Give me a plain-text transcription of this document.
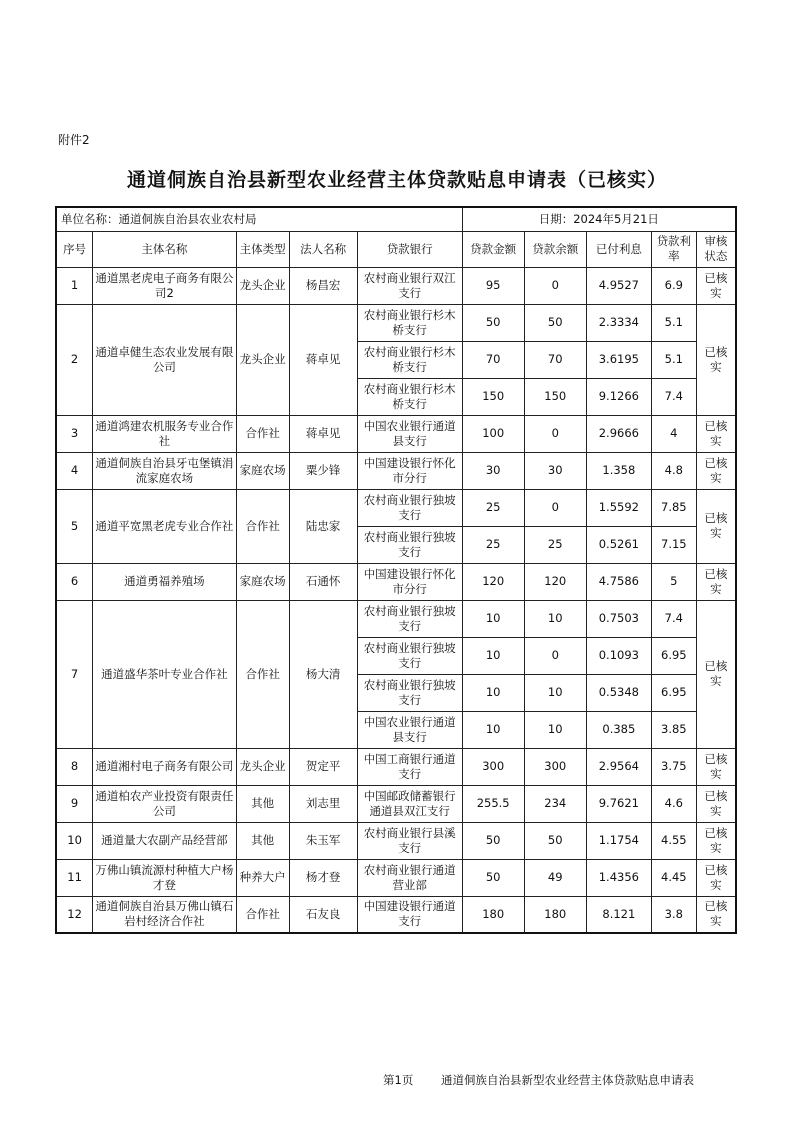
附件2
通道侗族自治县新型农业经营主体贷款贴息申请表（已核实）
单位名称：通道侗族自治县农业农村局					日期：2024年5月21日				
序号	主体名称	主体类型	法人名称	贷款银行	贷款金额	贷款余额	已付利息	贷款利率	审核状态
1	通道黑老虎电子商务有限公司2	龙头企业	杨昌宏	农村商业银行双江支行	95	0	4.9527	6.9	已核实
2	通道卓健生态农业发展有限公司	龙头企业	蒋卓见	农村商业银行杉木桥支行	50	50	2.3334	5.1	已核实
				农村商业银行杉木桥支行	70	70	3.6195	5.1	
				农村商业银行杉木桥支行	150	150	9.1266	7.4	
3	通道鸿建农机服务专业合作社	合作社	蒋卓见	中国农业银行通道县支行	100	0	2.9666	4	已核实
4	通道侗族自治县牙屯堡镇涓流家庭农场	家庭农场	粟少锋	中国建设银行怀化市分行	30	30	1.358	4.8	已核实
5	通道平宽黑老虎专业合作社	合作社	陆忠家	农村商业银行独坡支行	25	0	1.5592	7.85	已核实
				农村商业银行独坡支行	25	25	0.5261	7.15	
6	通道勇福养殖场	家庭农场	石通怀	中国建设银行怀化市分行	120	120	4.7586	5	已核实
7	通道盛华茶叶专业合作社	合作社	杨大清	农村商业银行独坡支行	10	10	0.7503	7.4	已核实
				农村商业银行独坡支行	10	0	0.1093	6.95	
				农村商业银行独坡支行	10	10	0.5348	6.95	
				中国农业银行通道县支行	10	10	0.385	3.85	
8	通道湘村电子商务有限公司	龙头企业	贺定平	中国工商银行通道支行	300	300	2.9564	3.75	已核实
9	通道柏农产业投资有限责任公司	其他	刘志里	中国邮政储蓄银行通道县双江支行	255.5	234	9.7621	4.6	已核实
10	通道量大农副产品经营部	其他	朱玉军	农村商业银行县溪支行	50	50	1.1754	4.55	已核实
11	万佛山镇流源村种植大户杨才登	种养大户	杨才登	农村商业银行通道营业部	50	49	1.4356	4.45	已核实
12	通道侗族自治县万佛山镇石岩村经济合作社	合作社	石友良	中国建设银行通道支行	180	180	8.121	3.8	已核实
第1页 通道侗族自治县新型农业经营主体贷款贴息申请表
